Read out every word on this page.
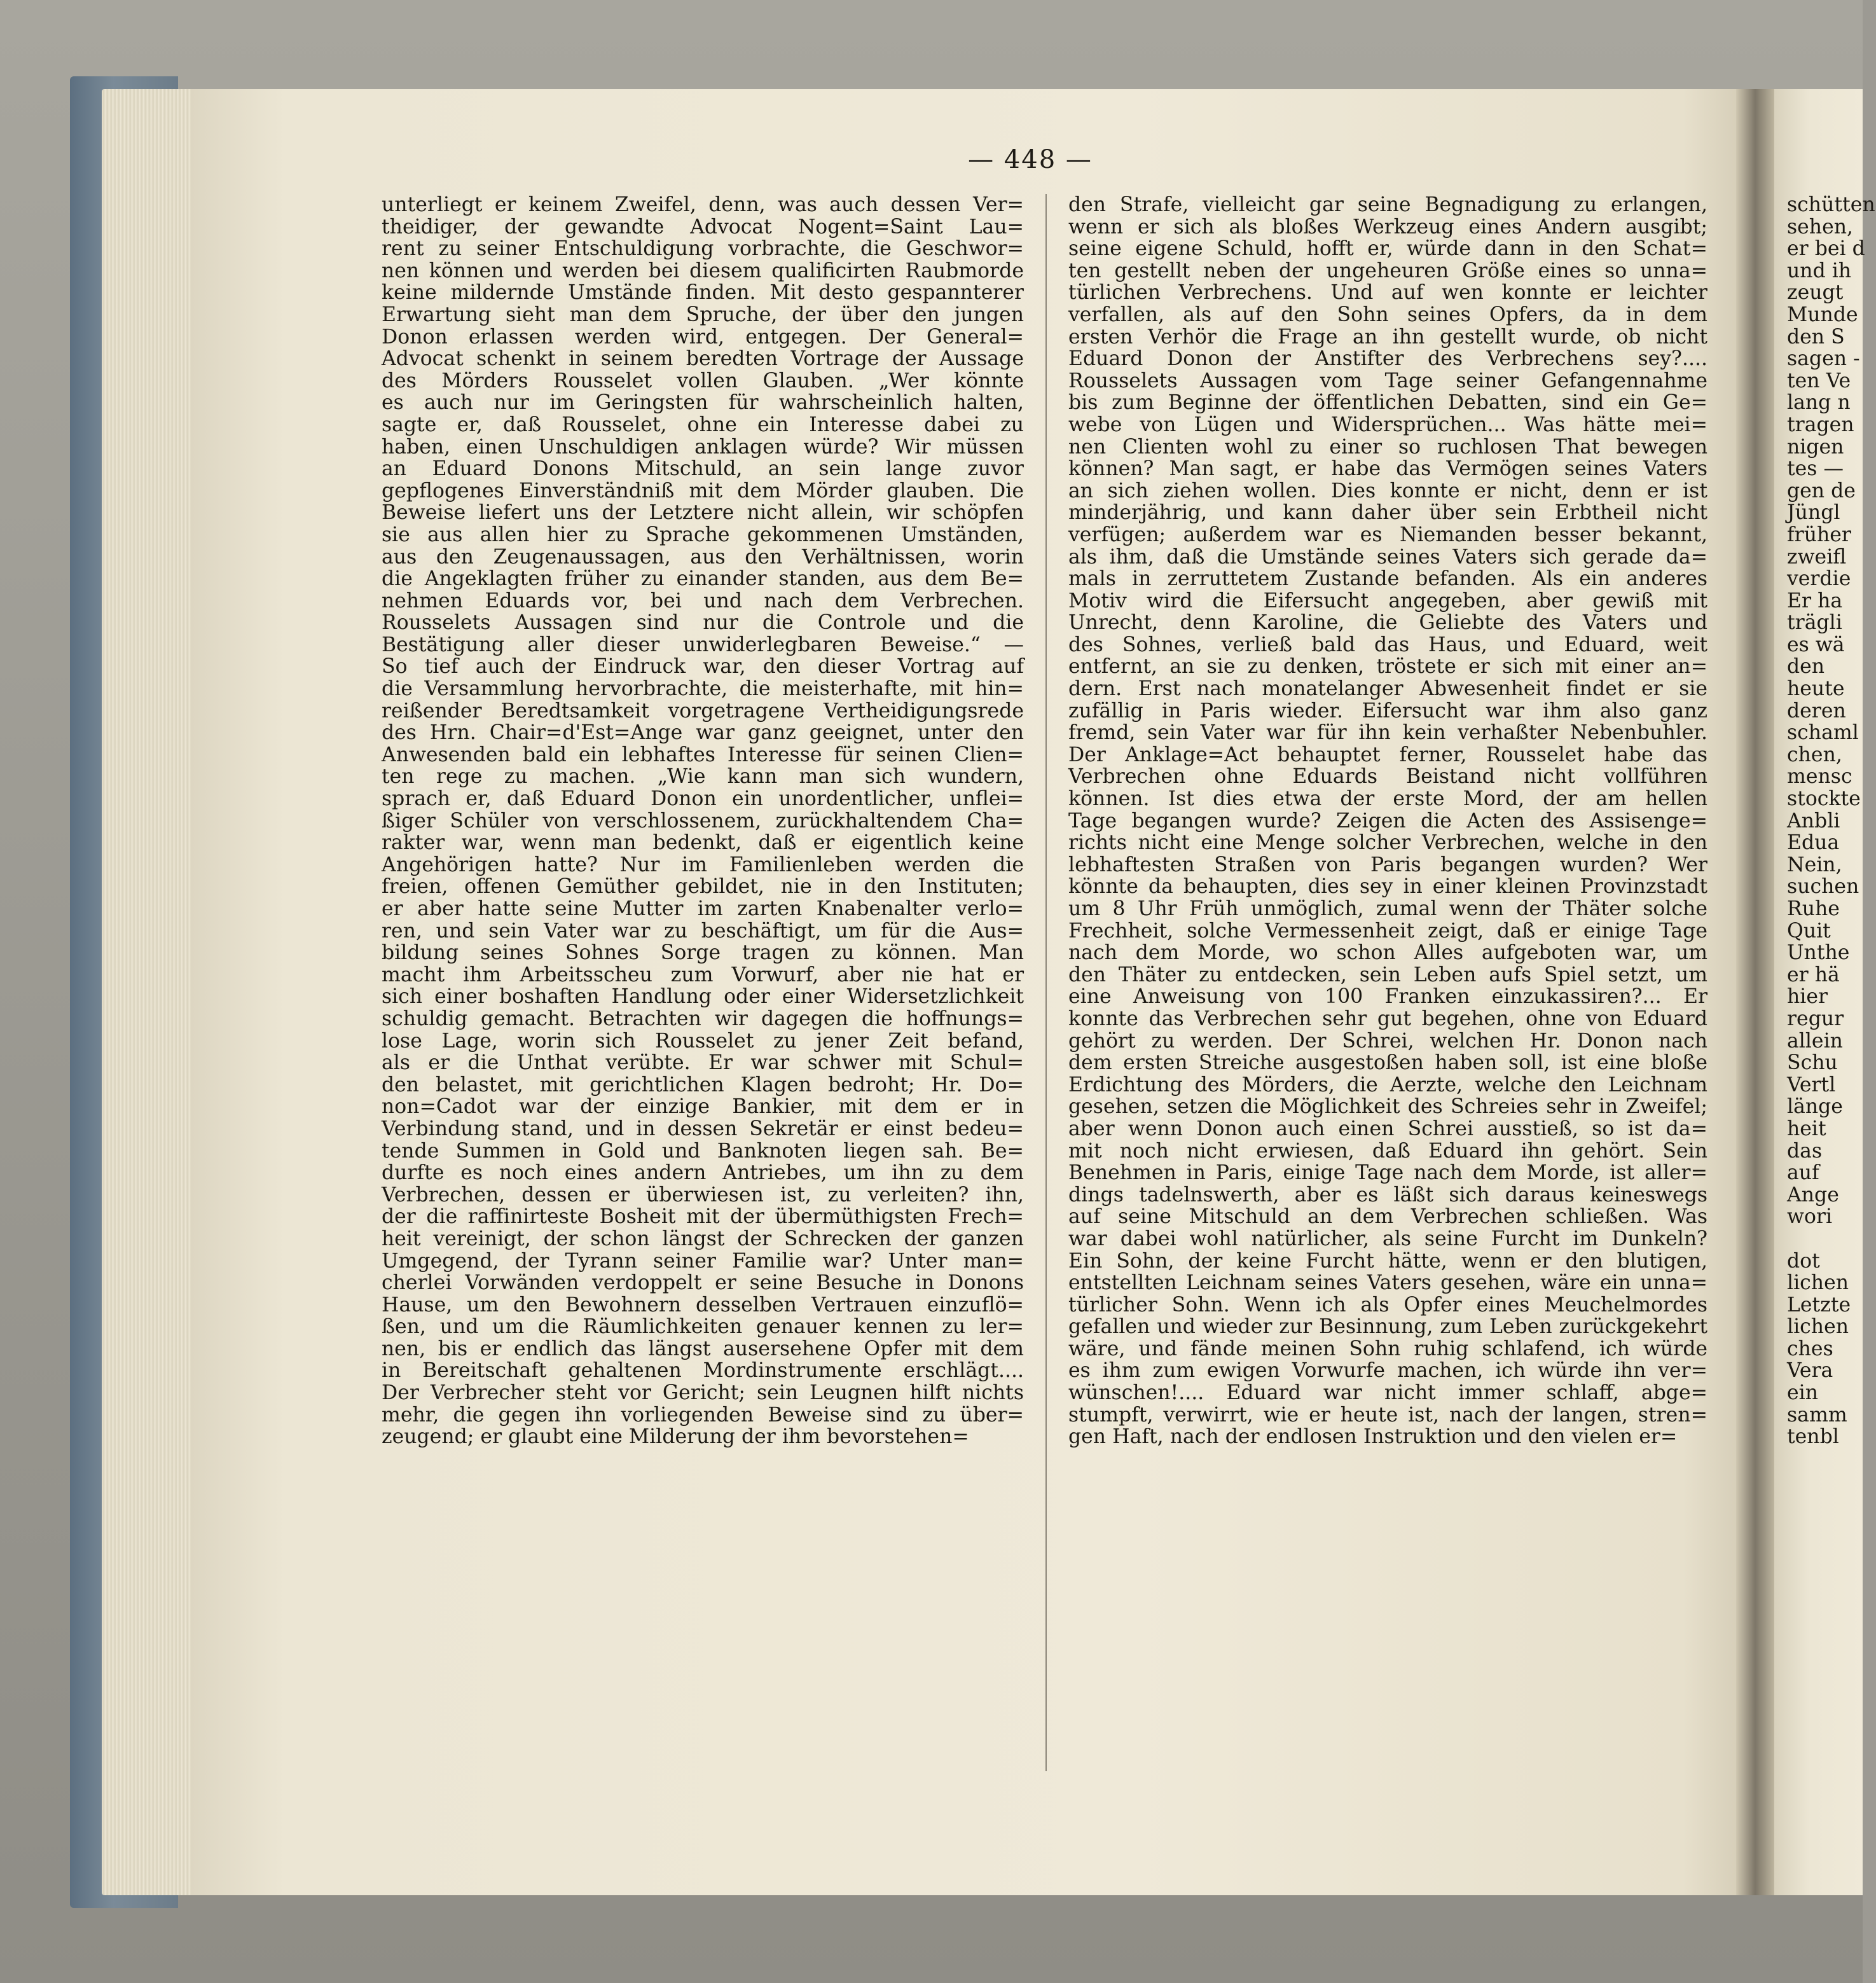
— 448 —
unterliegt er keinem Zweifel, denn, was auch dessen Ver=
theidiger, der gewandte Advocat Nogent=Saint Lau=
rent zu seiner Entschuldigung vorbrachte, die Geschwor=
nen können und werden bei diesem qualificirten Raubmorde
keine mildernde Umstände finden. Mit desto gespannterer
Erwartung sieht man dem Spruche, der über den jungen
Donon erlassen werden wird, entgegen. Der General=
Advocat schenkt in seinem beredten Vortrage der Aussage
des Mörders Rousselet vollen Glauben. „Wer könnte
es auch nur im Geringsten für wahrscheinlich halten,
sagte er, daß Rousselet, ohne ein Interesse dabei zu
haben, einen Unschuldigen anklagen würde? Wir müssen
an Eduard Donons Mitschuld, an sein lange zuvor
gepflogenes Einverständniß mit dem Mörder glauben. Die
Beweise liefert uns der Letztere nicht allein, wir schöpfen
sie aus allen hier zu Sprache gekommenen Umständen,
aus den Zeugenaussagen, aus den Verhältnissen, worin
die Angeklagten früher zu einander standen, aus dem Be=
nehmen Eduards vor, bei und nach dem Verbrechen.
Rousselets Aussagen sind nur die Controle und die
Bestätigung aller dieser unwiderlegbaren Beweise.“ —
So tief auch der Eindruck war, den dieser Vortrag auf
die Versammlung hervorbrachte, die meisterhafte, mit hin=
reißender Beredtsamkeit vorgetragene Vertheidigungsrede
des Hrn. Chair=d'Est=Ange war ganz geeignet, unter den
Anwesenden bald ein lebhaftes Interesse für seinen Clien=
ten rege zu machen. „Wie kann man sich wundern,
sprach er, daß Eduard Donon ein unordentlicher, unflei=
ßiger Schüler von verschlossenem, zurückhaltendem Cha=
rakter war, wenn man bedenkt, daß er eigentlich keine
Angehörigen hatte? Nur im Familienleben werden die
freien, offenen Gemüther gebildet, nie in den Instituten;
er aber hatte seine Mutter im zarten Knabenalter verlo=
ren, und sein Vater war zu beschäftigt, um für die Aus=
bildung seines Sohnes Sorge tragen zu können. Man
macht ihm Arbeitsscheu zum Vorwurf, aber nie hat er
sich einer boshaften Handlung oder einer Widersetzlichkeit
schuldig gemacht. Betrachten wir dagegen die hoffnungs=
lose Lage, worin sich Rousselet zu jener Zeit befand,
als er die Unthat verübte. Er war schwer mit Schul=
den belastet, mit gerichtlichen Klagen bedroht; Hr. Do=
non=Cadot war der einzige Bankier, mit dem er in
Verbindung stand, und in dessen Sekretär er einst bedeu=
tende Summen in Gold und Banknoten liegen sah. Be=
durfte es noch eines andern Antriebes, um ihn zu dem
Verbrechen, dessen er überwiesen ist, zu verleiten? ihn,
der die raffinirteste Bosheit mit der übermüthigsten Frech=
heit vereinigt, der schon längst der Schrecken der ganzen
Umgegend, der Tyrann seiner Familie war? Unter man=
cherlei Vorwänden verdoppelt er seine Besuche in Donons
Hause, um den Bewohnern desselben Vertrauen einzuflö=
ßen, und um die Räumlichkeiten genauer kennen zu ler=
nen, bis er endlich das längst ausersehene Opfer mit dem
in Bereitschaft gehaltenen Mordinstrumente erschlägt....
Der Verbrecher steht vor Gericht; sein Leugnen hilft nichts
mehr, die gegen ihn vorliegenden Beweise sind zu über=
zeugend; er glaubt eine Milderung der ihm bevorstehen=
den Strafe, vielleicht gar seine Begnadigung zu erlangen,
wenn er sich als bloßes Werkzeug eines Andern ausgibt;
seine eigene Schuld, hofft er, würde dann in den Schat=
ten gestellt neben der ungeheuren Größe eines so unna=
türlichen Verbrechens. Und auf wen konnte er leichter
verfallen, als auf den Sohn seines Opfers, da in dem
ersten Verhör die Frage an ihn gestellt wurde, ob nicht
Eduard Donon der Anstifter des Verbrechens sey?....
Rousselets Aussagen vom Tage seiner Gefangennahme
bis zum Beginne der öffentlichen Debatten, sind ein Ge=
webe von Lügen und Widersprüchen... Was hätte mei=
nen Clienten wohl zu einer so ruchlosen That bewegen
können? Man sagt, er habe das Vermögen seines Vaters
an sich ziehen wollen. Dies konnte er nicht, denn er ist
minderjährig, und kann daher über sein Erbtheil nicht
verfügen; außerdem war es Niemanden besser bekannt,
als ihm, daß die Umstände seines Vaters sich gerade da=
mals in zerruttetem Zustande befanden. Als ein anderes
Motiv wird die Eifersucht angegeben, aber gewiß mit
Unrecht, denn Karoline, die Geliebte des Vaters und
des Sohnes, verließ bald das Haus, und Eduard, weit
entfernt, an sie zu denken, tröstete er sich mit einer an=
dern. Erst nach monatelanger Abwesenheit findet er sie
zufällig in Paris wieder. Eifersucht war ihm also ganz
fremd, sein Vater war für ihn kein verhaßter Nebenbuhler.
Der Anklage=Act behauptet ferner, Rousselet habe das
Verbrechen ohne Eduards Beistand nicht vollführen
können. Ist dies etwa der erste Mord, der am hellen
Tage begangen wurde? Zeigen die Acten des Assisenge=
richts nicht eine Menge solcher Verbrechen, welche in den
lebhaftesten Straßen von Paris begangen wurden? Wer
könnte da behaupten, dies sey in einer kleinen Provinzstadt
um 8 Uhr Früh unmöglich, zumal wenn der Thäter solche
Frechheit, solche Vermessenheit zeigt, daß er einige Tage
nach dem Morde, wo schon Alles aufgeboten war, um
den Thäter zu entdecken, sein Leben aufs Spiel setzt, um
eine Anweisung von 100 Franken einzukassiren?... Er
konnte das Verbrechen sehr gut begehen, ohne von Eduard
gehört zu werden. Der Schrei, welchen Hr. Donon nach
dem ersten Streiche ausgestoßen haben soll, ist eine bloße
Erdichtung des Mörders, die Aerzte, welche den Leichnam
gesehen, setzen die Möglichkeit des Schreies sehr in Zweifel;
aber wenn Donon auch einen Schrei ausstieß, so ist da=
mit noch nicht erwiesen, daß Eduard ihn gehört. Sein
Benehmen in Paris, einige Tage nach dem Morde, ist aller=
dings tadelnswerth, aber es läßt sich daraus keineswegs
auf seine Mitschuld an dem Verbrechen schließen. Was
war dabei wohl natürlicher, als seine Furcht im Dunkeln?
Ein Sohn, der keine Furcht hätte, wenn er den blutigen,
entstellten Leichnam seines Vaters gesehen, wäre ein unna=
türlicher Sohn. Wenn ich als Opfer eines Meuchelmordes
gefallen und wieder zur Besinnung, zum Leben zurückgekehrt
wäre, und fände meinen Sohn ruhig schlafend, ich würde
es ihm zum ewigen Vorwurfe machen, ich würde ihn ver=
wünschen!.... Eduard war nicht immer schlaff, abge=
stumpft, verwirrt, wie er heute ist, nach der langen, stren=
gen Haft, nach der endlosen Instruktion und den vielen er=
schütten
sehen,
er bei d
und ih
zeugt
Munde
den S
sagen -
ten Ve
lang n
tragen
nigen
tes —
gen de
Jüngl
früher
zweifl
verdie
Er ha
trägli
es wä
den
heute
deren
schaml
chen,
mensc
stockte
Anbli
Edua
Nein,
suchen
Ruhe
Quit
Unthe
er hä
hier
regur
allein
Schu
Vertl
länge
heit
das
auf
Ange
wori
dot
lichen
Letzte
lichen
ches
Vera
ein
samm
tenbl
